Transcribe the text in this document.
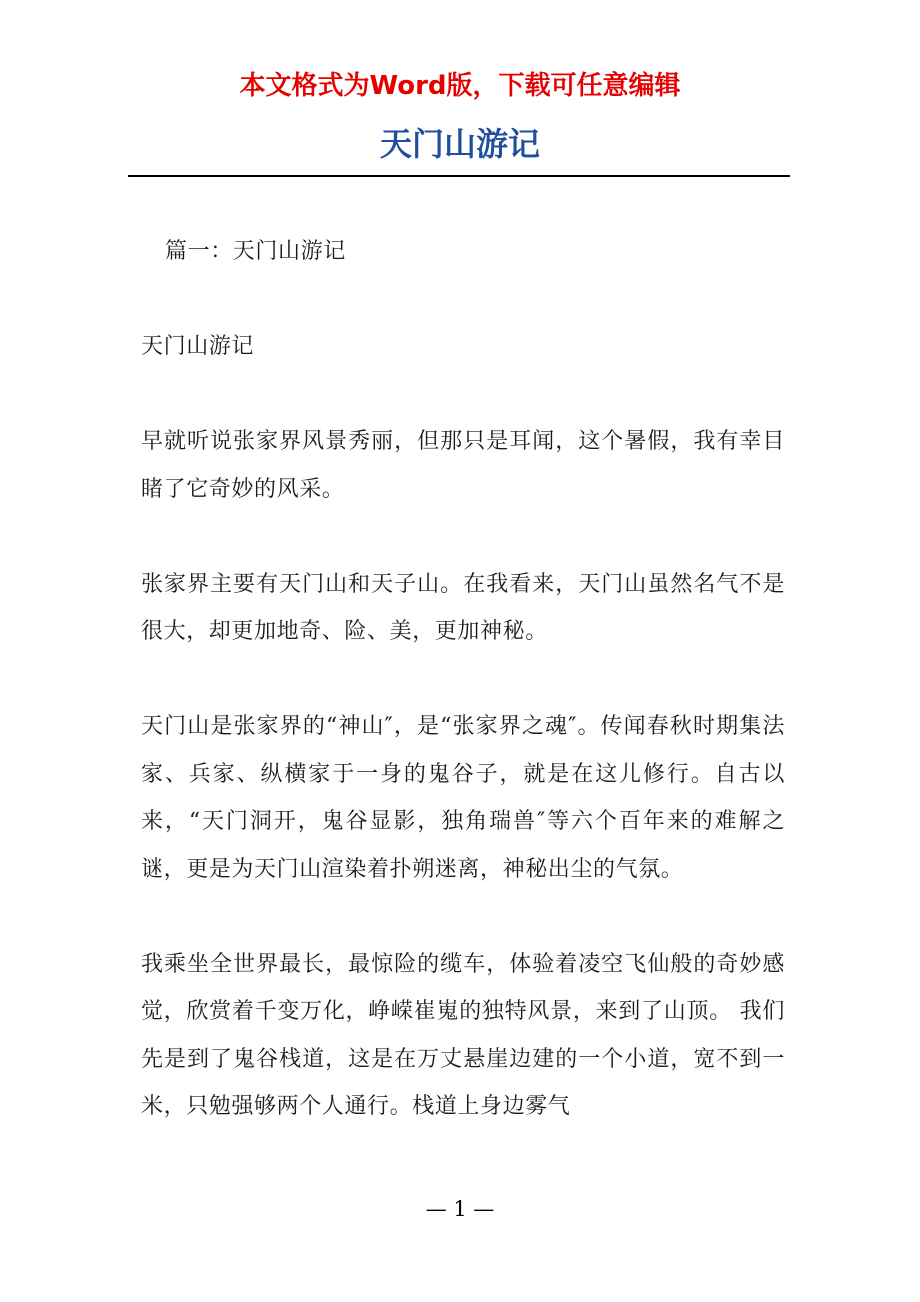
本文格式为Word版，下载可任意编辑
天门山游记

篇一：天门山游记

天门山游记

早就听说张家界风景秀丽，但那只是耳闻，这个暑假，我有幸目睹了它奇妙的风采。

张家界主要有天门山和天子山。在我看来，天门山虽然名气不是很大，却更加地奇、险、美，更加神秘。

天门山是张家界的“神山″，是“张家界之魂″。传闻春秋时期集法家、兵家、纵横家于一身的鬼谷子，就是在这儿修行。自古以来，“天门洞开，鬼谷显影，独角瑞兽″等六个百年来的难解之谜，更是为天门山渲染着扑朔迷离，神秘出尘的气氛。

我乘坐全世界最长，最惊险的缆车，体验着凌空飞仙般的奇妙感觉，欣赏着千变万化，峥嵘崔嵬的独特风景，来到了山顶。 我们先是到了鬼谷栈道，这是在万丈悬崖边建的一个小道，宽不到一米，只勉强够两个人通行。栈道上身边雾气

— 1 —
